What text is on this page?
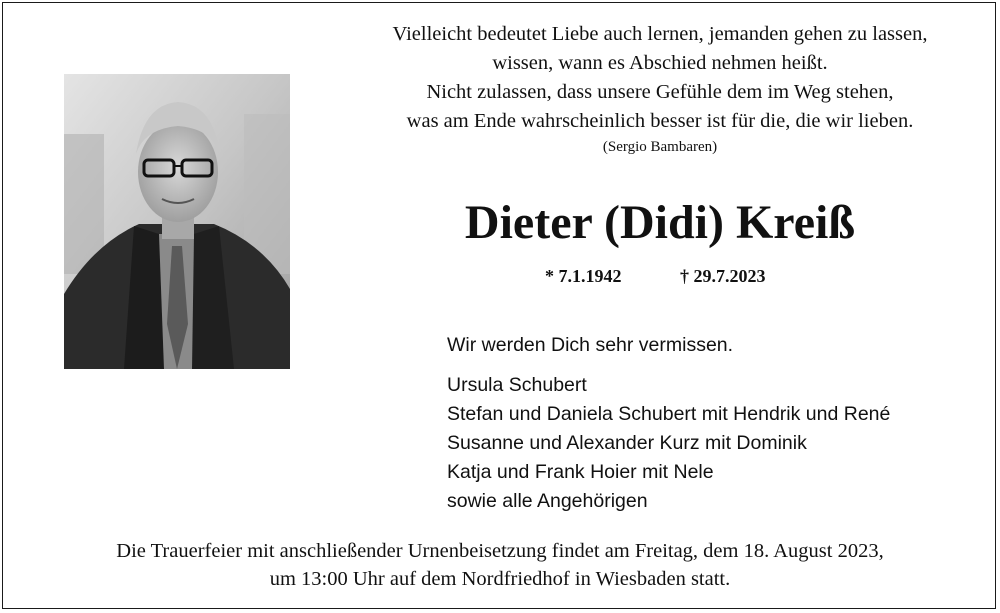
Vielleicht bedeutet Liebe auch lernen, jemanden gehen zu lassen,
wissen, wann es Abschied nehmen heißt.
Nicht zulassen, dass unsere Gefühle dem im Weg stehen,
was am Ende wahrscheinlich besser ist für die, die wir lieben.
(Sergio Bambaren)
Dieter (Didi) Kreiß
* 7.1.1942	† 29.7.2023
Wir werden Dich sehr vermissen.
Ursula Schubert
Stefan und Daniela Schubert mit Hendrik und René
Susanne und Alexander Kurz mit Dominik
Katja und Frank Hoier mit Nele
sowie alle Angehörigen
Die Trauerfeier mit anschließender Urnenbeisetzung findet am Freitag, dem 18. August 2023,
um 13:00 Uhr auf dem Nordfriedhof in Wiesbaden statt.
